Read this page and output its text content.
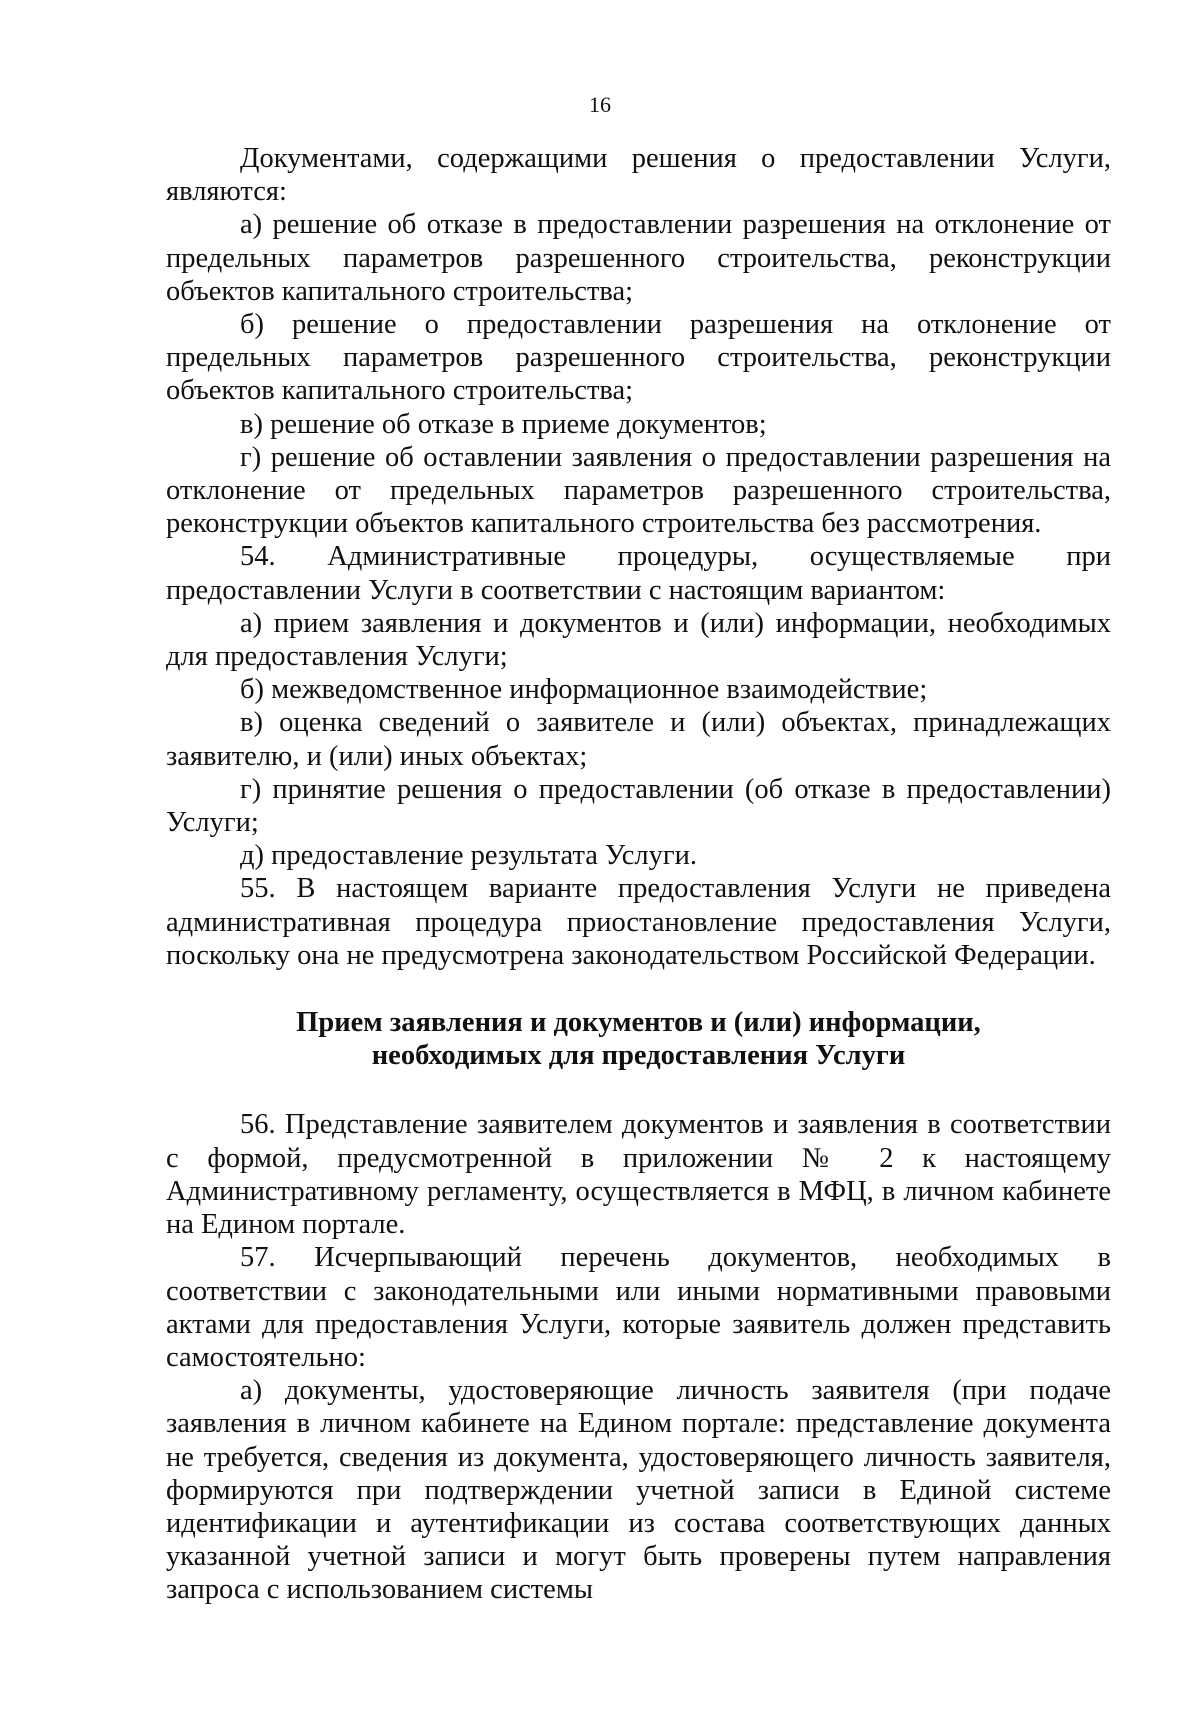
16

Документами, содержащими решения о предоставлении Услуги, являются:

а) решение об отказе в предоставлении разрешения на отклонение от предельных параметров разрешенного строительства, реконструкции объектов капитального строительства;

б) решение о предоставлении разрешения на отклонение от предельных параметров разрешенного строительства, реконструкции объектов капитального строительства;

в) решение об отказе в приеме документов;

г) решение об оставлении заявления о предоставлении разрешения на отклонение от предельных параметров разрешенного строительства, реконструкции объектов капитального строительства без рассмотрения.

54. Административные процедуры, осуществляемые при предоставлении Услуги в соответствии с настоящим вариантом:

а) прием заявления и документов и (или) информации, необходимых для предоставления Услуги;

б) межведомственное информационное взаимодействие;

в) оценка сведений о заявителе и (или) объектах, принадлежащих заявителю, и (или) иных объектах;

г) принятие решения о предоставлении (об отказе в предоставлении) Услуги;

д) предоставление результата Услуги.

55. В настоящем варианте предоставления Услуги не приведена административная процедура приостановление предоставления Услуги, поскольку она не предусмотрена законодательством Российской Федерации.

Прием заявления и документов и (или) информации,
необходимых для предоставления Услуги

56. Представление заявителем документов и заявления в соответствии с формой, предусмотренной в приложении № 2 к настоящему Административному регламенту, осуществляется в МФЦ, в личном кабинете на Едином портале.

57. Исчерпывающий перечень документов, необходимых в соответствии с законодательными или иными нормативными правовыми актами для предоставления Услуги, которые заявитель должен представить самостоятельно:

а) документы, удостоверяющие личность заявителя (при подаче заявления в личном кабинете на Едином портале: представление документа не требуется, сведения из документа, удостоверяющего личность заявителя, формируются при подтверждении учетной записи в Единой системе идентификации и аутентификации из состава соответствующих данных указанной учетной записи и могут быть проверены путем направления запроса с использованием системы
